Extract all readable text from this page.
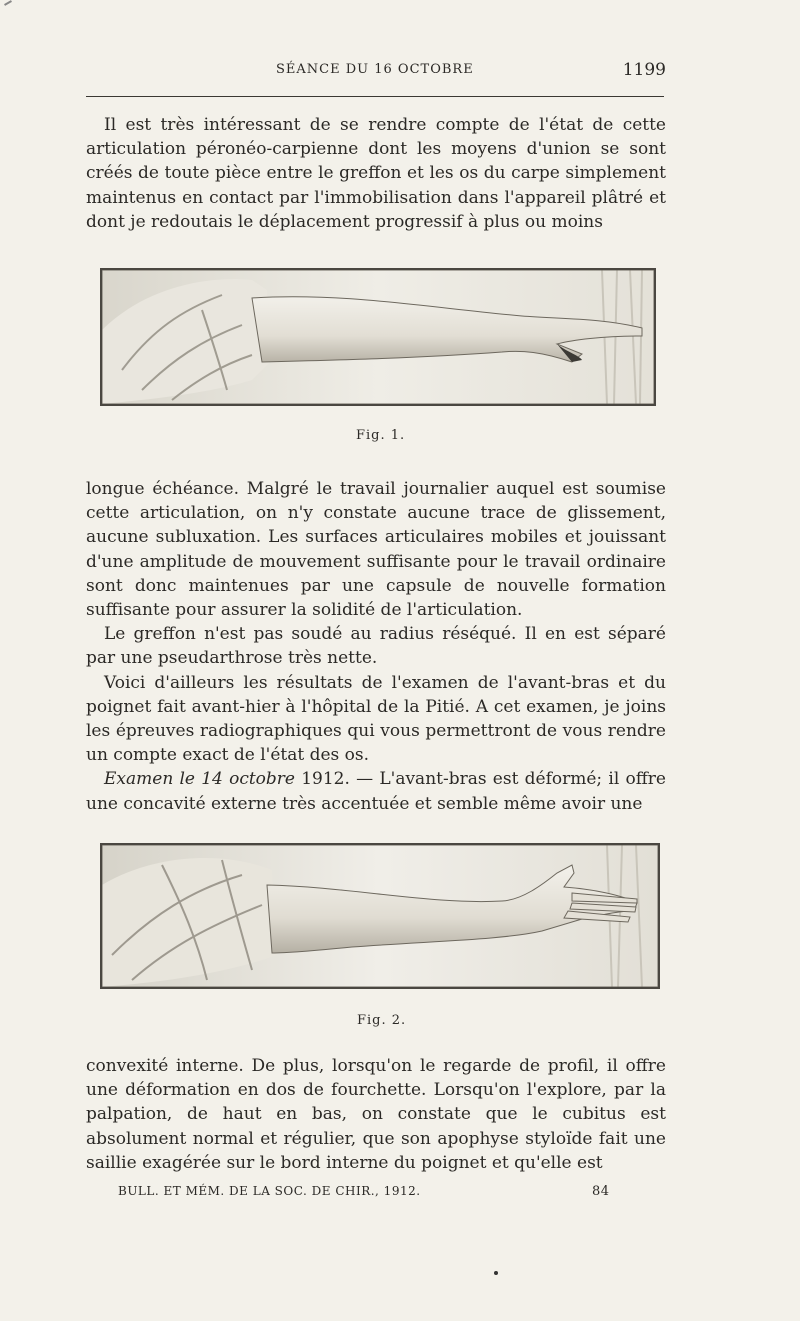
SÉANCE DU 16 OCTOBRE	1199

Il est très intéressant de se rendre compte de l'état de cette articulation péronéo-carpienne dont les moyens d'union se sont créés de toute pièce entre le greffon et les os du carpe simplement maintenus en contact par l'immobilisation dans l'appareil plâtré et dont je redoutais le déplacement progressif à plus ou moins

Fig. 1.

longue échéance. Malgré le travail journalier auquel est soumise cette articulation, on n'y constate aucune trace de glissement, aucune subluxation. Les surfaces articulaires mobiles et jouissant d'une amplitude de mouvement suffisante pour le travail ordinaire sont donc maintenues par une capsule de nouvelle formation suffisante pour assurer la solidité de l'articulation.

Le greffon n'est pas soudé au radius réséqué. Il en est séparé par une pseudarthrose très nette.

Voici d'ailleurs les résultats de l'examen de l'avant-bras et du poignet fait avant-hier à l'hôpital de la Pitié. A cet examen, je joins les épreuves radiographiques qui vous permettront de vous rendre un compte exact de l'état des os.

Examen le 14 octobre 1912. — L'avant-bras est déformé; il offre une concavité externe très accentuée et semble même avoir une

Fig. 2.

convexité interne. De plus, lorsqu'on le regarde de profil, il offre une déformation en dos de fourchette. Lorsqu'on l'explore, par la palpation, de haut en bas, on constate que le cubitus est absolument normal et régulier, que son apophyse styloïde fait une saillie exagérée sur le bord interne du poignet et qu'elle est

BULL. ET MÉM. DE LA SOC. DE CHIR., 1912.	84
